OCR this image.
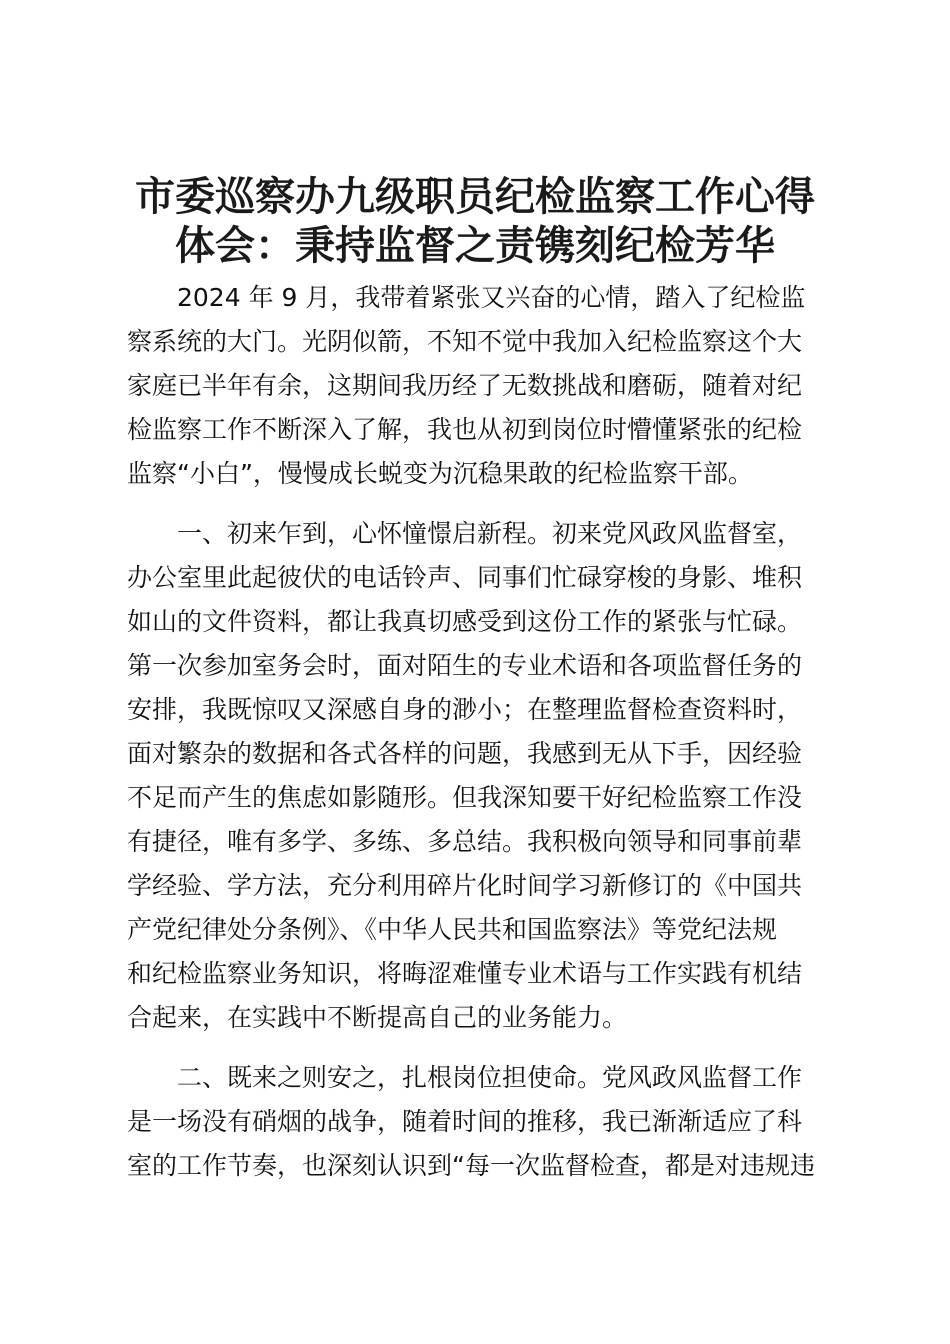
市委巡察办九级职员纪检监察工作心得
体会：秉持监督之责镌刻纪检芳华
2024 年 9 月，我带着紧张又兴奋的心情，踏入了纪检监
察系统的大门。光阴似箭，不知不觉中我加入纪检监察这个大
家庭已半年有余，这期间我历经了无数挑战和磨砺，随着对纪
检监察工作不断深入了解，我也从初到岗位时懵懂紧张的纪检
监察“小白”，慢慢成长蜕变为沉稳果敢的纪检监察干部。
一、初来乍到，心怀憧憬启新程。初来党风政风监督室，
办公室里此起彼伏的电话铃声、同事们忙碌穿梭的身影、堆积
如山的文件资料，都让我真切感受到这份工作的紧张与忙碌。
第一次参加室务会时，面对陌生的专业术语和各项监督任务的
安排，我既惊叹又深感自身的渺小；在整理监督检查资料时，
面对繁杂的数据和各式各样的问题，我感到无从下手，因经验
不足而产生的焦虑如影随形。但我深知要干好纪检监察工作没
有捷径，唯有多学、多练、多总结。我积极向领导和同事前辈
学经验、学方法，充分利用碎片化时间学习新修订的《中国共
产党纪律处分条例》、《中华人民共和国监察法》等党纪法规
和纪检监察业务知识，将晦涩难懂专业术语与工作实践有机结
合起来，在实践中不断提高自己的业务能力。
二、既来之则安之，扎根岗位担使命。党风政风监督工作
是一场没有硝烟的战争，随着时间的推移，我已渐渐适应了科
室的工作节奏，也深刻认识到“每一次监督检查，都是对违规违
